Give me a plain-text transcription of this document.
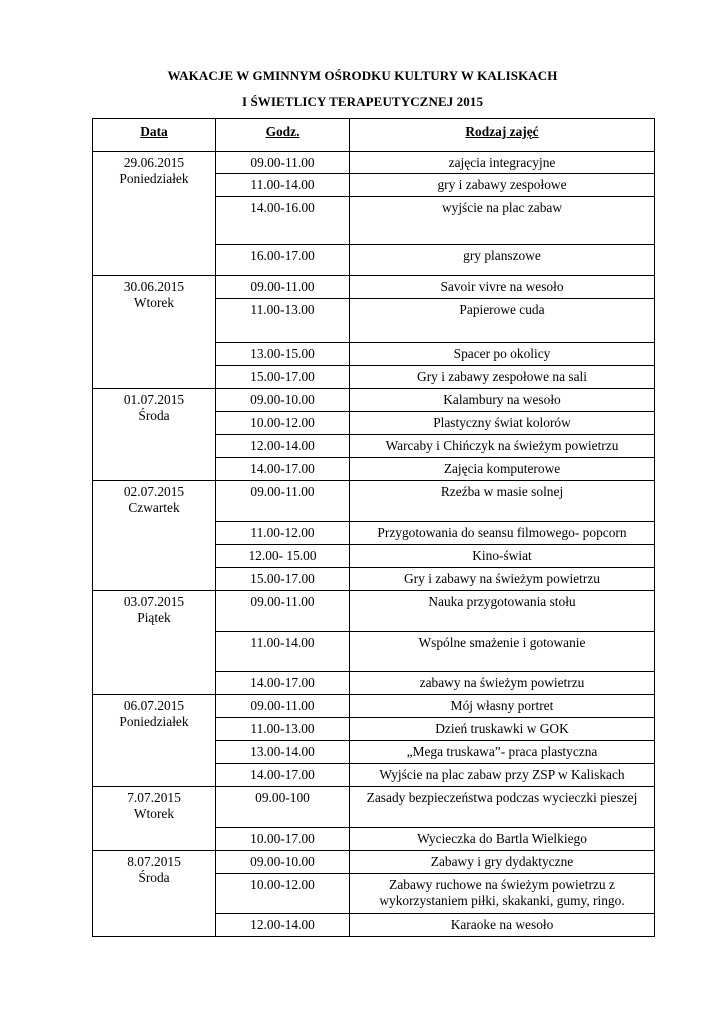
WAKACJE W GMINNYM OŚRODKU KULTURY W KALISKACH
I ŚWIETLICY TERAPEUTYCZNEJ 2015
Data	Godz.	Rodzaj zajęć

29.06.2015
Poniedziałek	09.00-11.00	zajęcia integracyjne
	11.00-14.00	gry i zabawy zespołowe
	14.00-16.00	wyjście na plac zabaw
	16.00-17.00	gry planszowe

30.06.2015
Wtorek	09.00-11.00	Savoir vivre na wesoło
	11.00-13.00	Papierowe cuda
	13.00-15.00	Spacer po okolicy
	15.00-17.00	Gry i zabawy zespołowe na sali

01.07.2015
Środa	09.00-10.00	Kalambury na wesoło
	10.00-12.00	Plastyczny świat kolorów
	12.00-14.00	Warcaby i Chińczyk na świeżym powietrzu
	14.00-17.00	Zajęcia komputerowe

02.07.2015
Czwartek	09.00-11.00	Rzeźba w masie solnej
	11.00-12.00	Przygotowania do seansu filmowego- popcorn
	12.00- 15.00	Kino-świat
	15.00-17.00	Gry i zabawy na świeżym powietrzu

03.07.2015
Piątek	09.00-11.00	Nauka przygotowania stołu
	11.00-14.00	Wspólne smażenie i gotowanie
	14.00-17.00	zabawy na świeżym powietrzu

06.07.2015
Poniedziałek	09.00-11.00	Mój własny portret
	11.00-13.00	Dzień truskawki w GOK
	13.00-14.00	„Mega truskawa”- praca plastyczna
	14.00-17.00	Wyjście na plac zabaw przy ZSP w Kaliskach

7.07.2015
Wtorek	09.00-100	Zasady bezpieczeństwa podczas wycieczki pieszej
	10.00-17.00	Wycieczka do Bartla Wielkiego

8.07.2015
Środa	09.00-10.00	Zabawy i gry dydaktyczne
	10.00-12.00	Zabawy ruchowe na świeżym powietrzu z wykorzystaniem piłki, skakanki, gumy, ringo.
	12.00-14.00	Karaoke na wesoło
